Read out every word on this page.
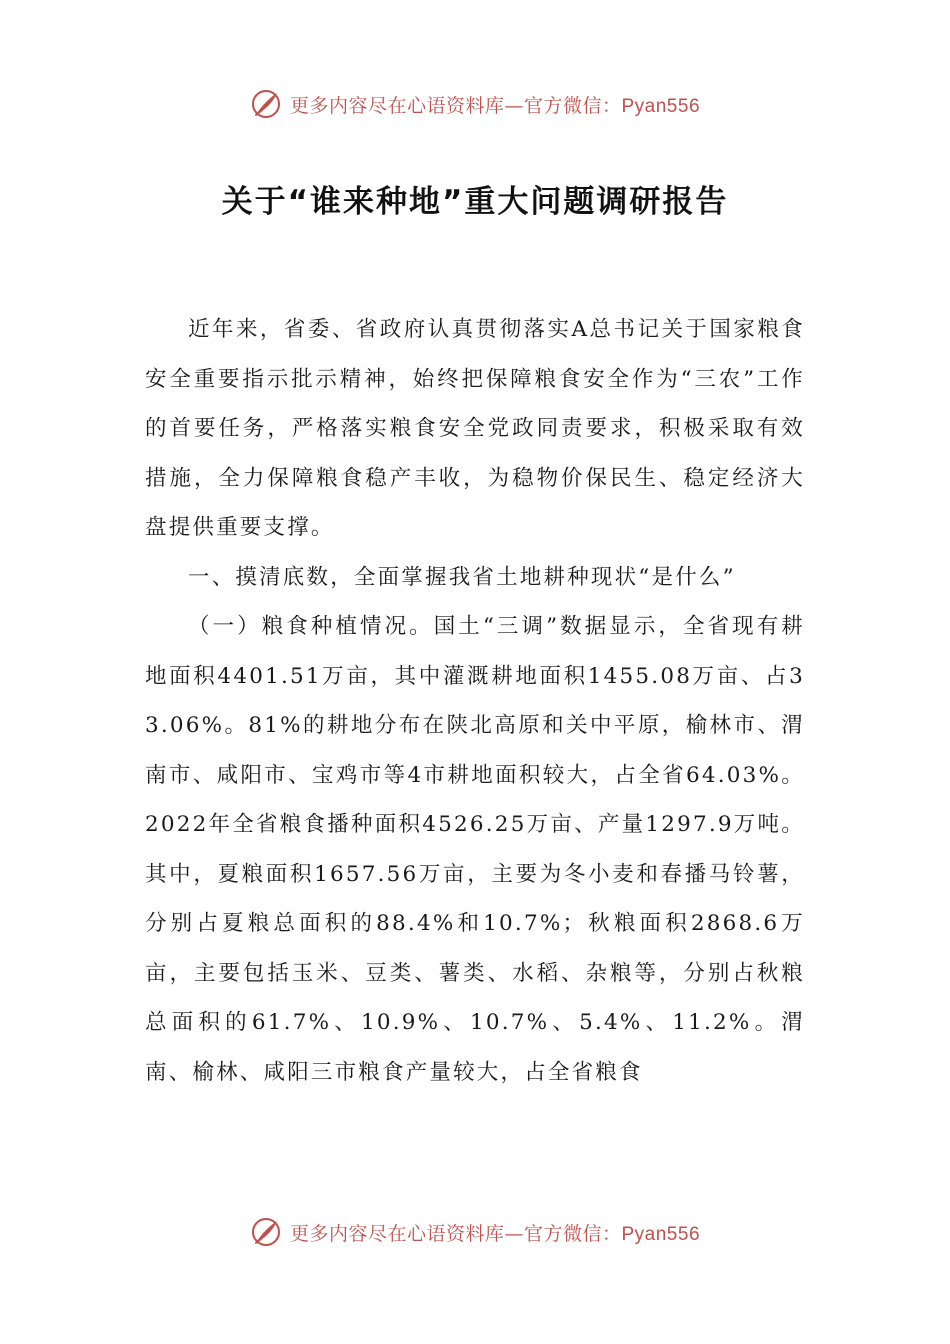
更多内容尽在心语资料库—官方微信：Pyan556
关于“谁来种地”重大问题调研报告

近年来，省委、省政府认真贯彻落实A总书记关于国家粮食安全重要指示批示精神，始终把保障粮食安全作为“三农”工作的首要任务，严格落实粮食安全党政同责要求，积极采取有效措施，全力保障粮食稳产丰收，为稳物价保民生、稳定经济大盘提供重要支撑。

一、摸清底数，全面掌握我省土地耕种现状“是什么”

（一）粮食种植情况。国土“三调”数据显示，全省现有耕地面积4401.51万亩，其中灌溉耕地面积1455.08万亩、占33.06%。81%的耕地分布在陕北高原和关中平原，榆林市、渭南市、咸阳市、宝鸡市等4市耕地面积较大，占全省64.03%。2022年全省粮食播种面积4526.25万亩、产量1297.9万吨。其中，夏粮面积1657.56万亩，主要为冬小麦和春播马铃薯，分别占夏粮总面积的88.4%和10.7%；秋粮面积2868.6万亩，主要包括玉米、豆类、薯类、水稻、杂粮等，分别占秋粮总面积的61.7%、10.9%、10.7%、5.4%、11.2%。渭南、榆林、咸阳三市粮食产量较大，占全省粮食

更多内容尽在心语资料库—官方微信：Pyan556
